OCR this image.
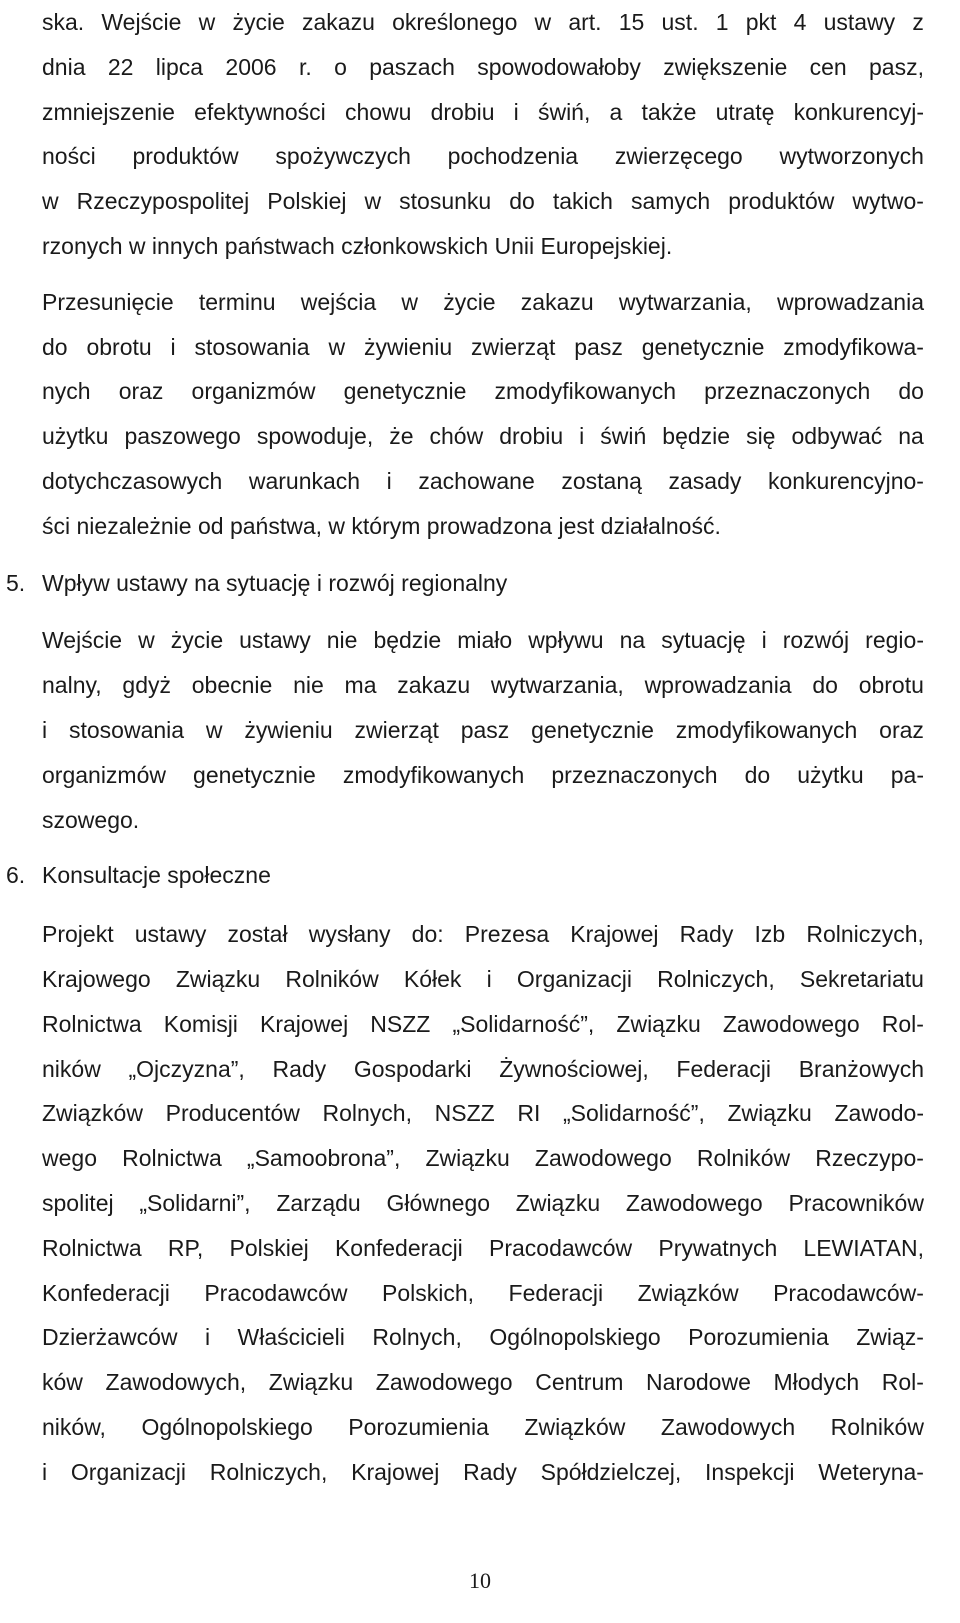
ska. Wejście w życie zakazu określonego w art. 15 ust. 1 pkt 4 ustawy z
dnia 22 lipca 2006 r. o paszach spowodowałoby zwiększenie cen pasz,
zmniejszenie efektywności chowu drobiu i świń, a także utratę konkurencyj-
ności produktów spożywczych pochodzenia zwierzęcego wytworzonych
w Rzeczypospolitej Polskiej w stosunku do takich samych produktów wytwo-
rzonych w innych państwach członkowskich Unii Europejskiej.
Przesunięcie terminu wejścia w życie zakazu wytwarzania, wprowadzania
do obrotu i stosowania w żywieniu zwierząt pasz genetycznie zmodyfikowa-
nych oraz organizmów genetycznie zmodyfikowanych przeznaczonych do
użytku paszowego spowoduje, że chów drobiu i świń będzie się odbywać na
dotychczasowych warunkach i zachowane zostaną zasady konkurencyjno-
ści niezależnie od państwa, w którym prowadzona jest działalność.
5. Wpływ ustawy na sytuację i rozwój regionalny
Wejście w życie ustawy nie będzie miało wpływu na sytuację i rozwój regio-
nalny, gdyż obecnie nie ma zakazu wytwarzania, wprowadzania do obrotu
i stosowania w żywieniu zwierząt pasz genetycznie zmodyfikowanych oraz
organizmów genetycznie zmodyfikowanych przeznaczonych do użytku pa-
szowego.
6. Konsultacje społeczne
Projekt ustawy został wysłany do: Prezesa Krajowej Rady Izb Rolniczych,
Krajowego Związku Rolników Kółek i Organizacji Rolniczych, Sekretariatu
Rolnictwa Komisji Krajowej NSZZ „Solidarność”, Związku Zawodowego Rol-
ników „Ojczyzna”, Rady Gospodarki Żywnościowej, Federacji Branżowych
Związków Producentów Rolnych, NSZZ RI „Solidarność”, Związku Zawodo-
wego Rolnictwa „Samoobrona”, Związku Zawodowego Rolników Rzeczypo-
spolitej „Solidarni”, Zarządu Głównego Związku Zawodowego Pracowników
Rolnictwa RP, Polskiej Konfederacji Pracodawców Prywatnych LEWIATAN,
Konfederacji Pracodawców Polskich, Federacji Związków Pracodawców-
Dzierżawców i Właścicieli Rolnych, Ogólnopolskiego Porozumienia Związ-
ków Zawodowych, Związku Zawodowego Centrum Narodowe Młodych Rol-
ników, Ogólnopolskiego Porozumienia Związków Zawodowych Rolników
i Organizacji Rolniczych, Krajowej Rady Spółdzielczej, Inspekcji Weteryna-
10
